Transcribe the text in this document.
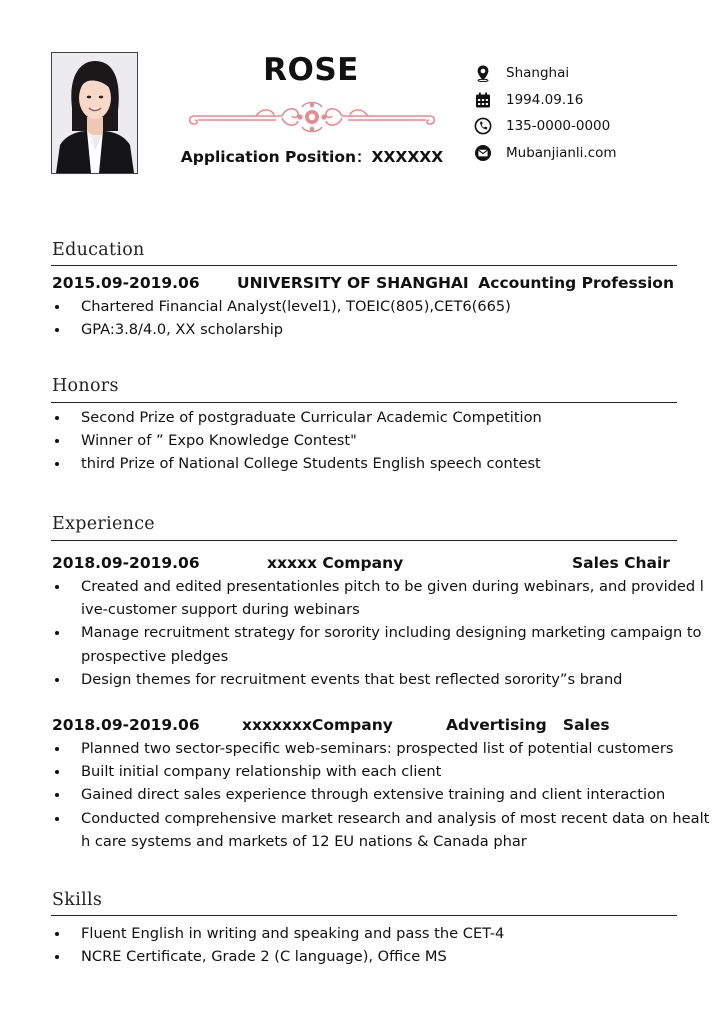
ROSE
Application Position：XXXXXX
Shanghai
1994.09.16
135-0000-0000
Mubanjianli.com
Education
2015.09-2019.06 UNIVERSITY OF SHANGHAI Accounting Profession
Chartered Financial Analyst(level1), TOEIC(805),CET6(665)
GPA:3.8/4.0, XX scholarship
Honors
Second Prize of postgraduate Curricular Academic Competition
Winner of ” Expo Knowledge Contest"
third Prize of National College Students English speech contest
Experience
2018.09-2019.06	xxxxx Company	Sales Chair
Created and edited presentationles pitch to be given during webinars, and provided l
ive-customer support during webinars
Manage recruitment strategy for sorority including designing marketing campaign to
prospective pledges
Design themes for recruitment events that best reflected sorority”s brand
2018.09-2019.06	xxxxxxxCompany	Advertising   Sales
Planned two sector-specific web-seminars: prospected list of potential customers
Built initial company relationship with each client
Gained direct sales experience through extensive training and client interaction
Conducted comprehensive market research and analysis of most recent data on healt
h care systems and markets of 12 EU nations & Canada phar
Skills
Fluent English in writing and speaking and pass the CET-4
NCRE Certificate, Grade 2 (C language), Office MS
